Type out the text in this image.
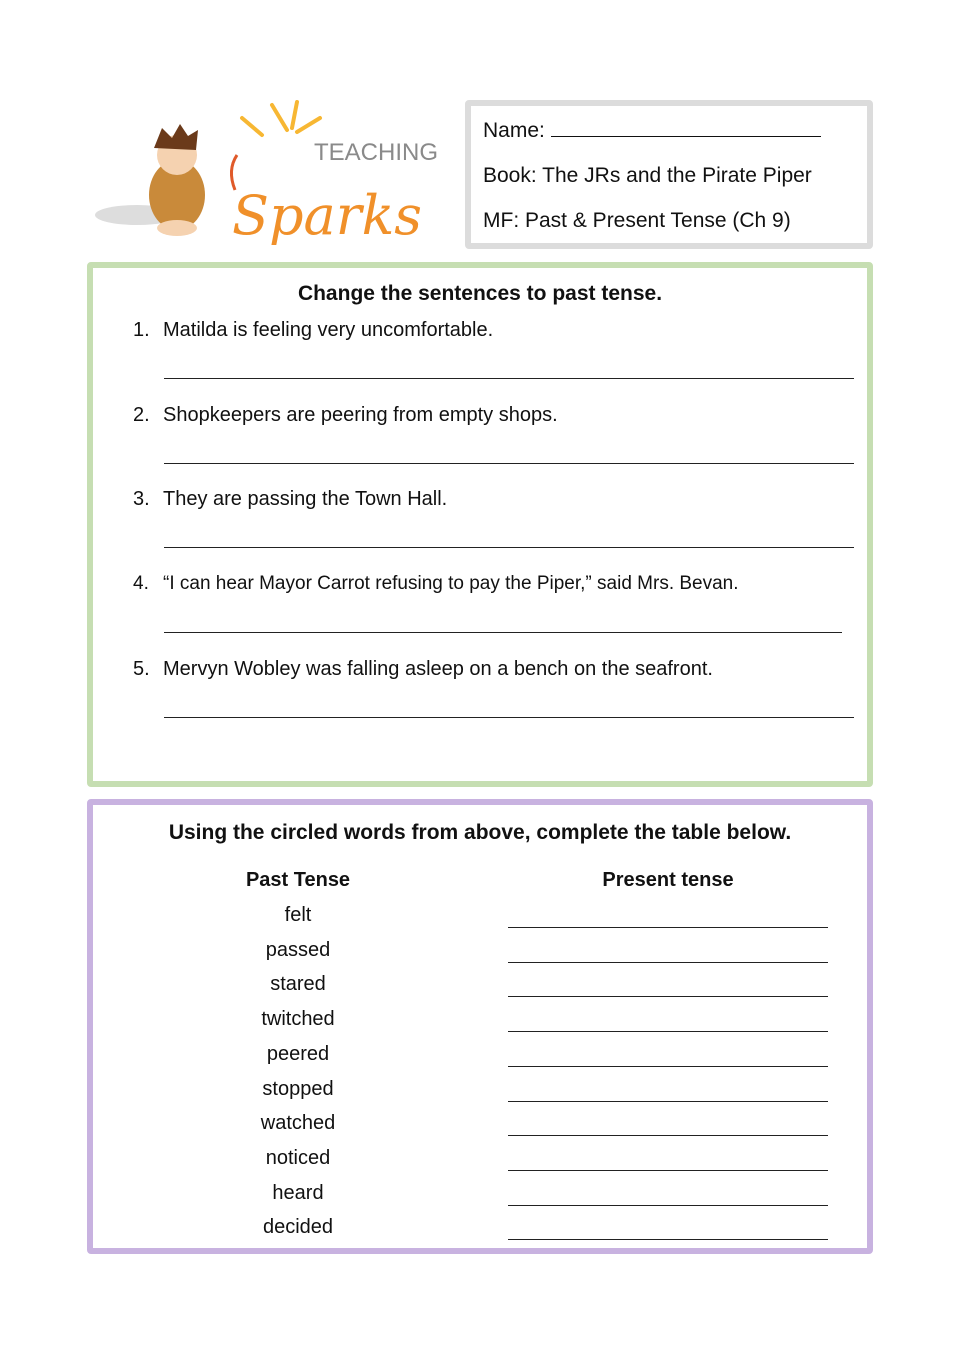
TEACHING
Sparks
Name:
Book: The JRs and the Pirate Piper
MF: Past & Present Tense (Ch 9)
Change the sentences to past tense.
1. Matilda is feeling very uncomfortable.
2. Shopkeepers are peering from empty shops.
3. They are passing the Town Hall.
4. “I can hear Mayor Carrot refusing to pay the Piper,” said Mrs. Bevan.
5. Mervyn Wobley was falling asleep on a bench on the seafront.
Using the circled words from above, complete the table below.
Past Tense	Present tense
felt
passed
stared
twitched
peered
stopped
watched
noticed
heard
decided
